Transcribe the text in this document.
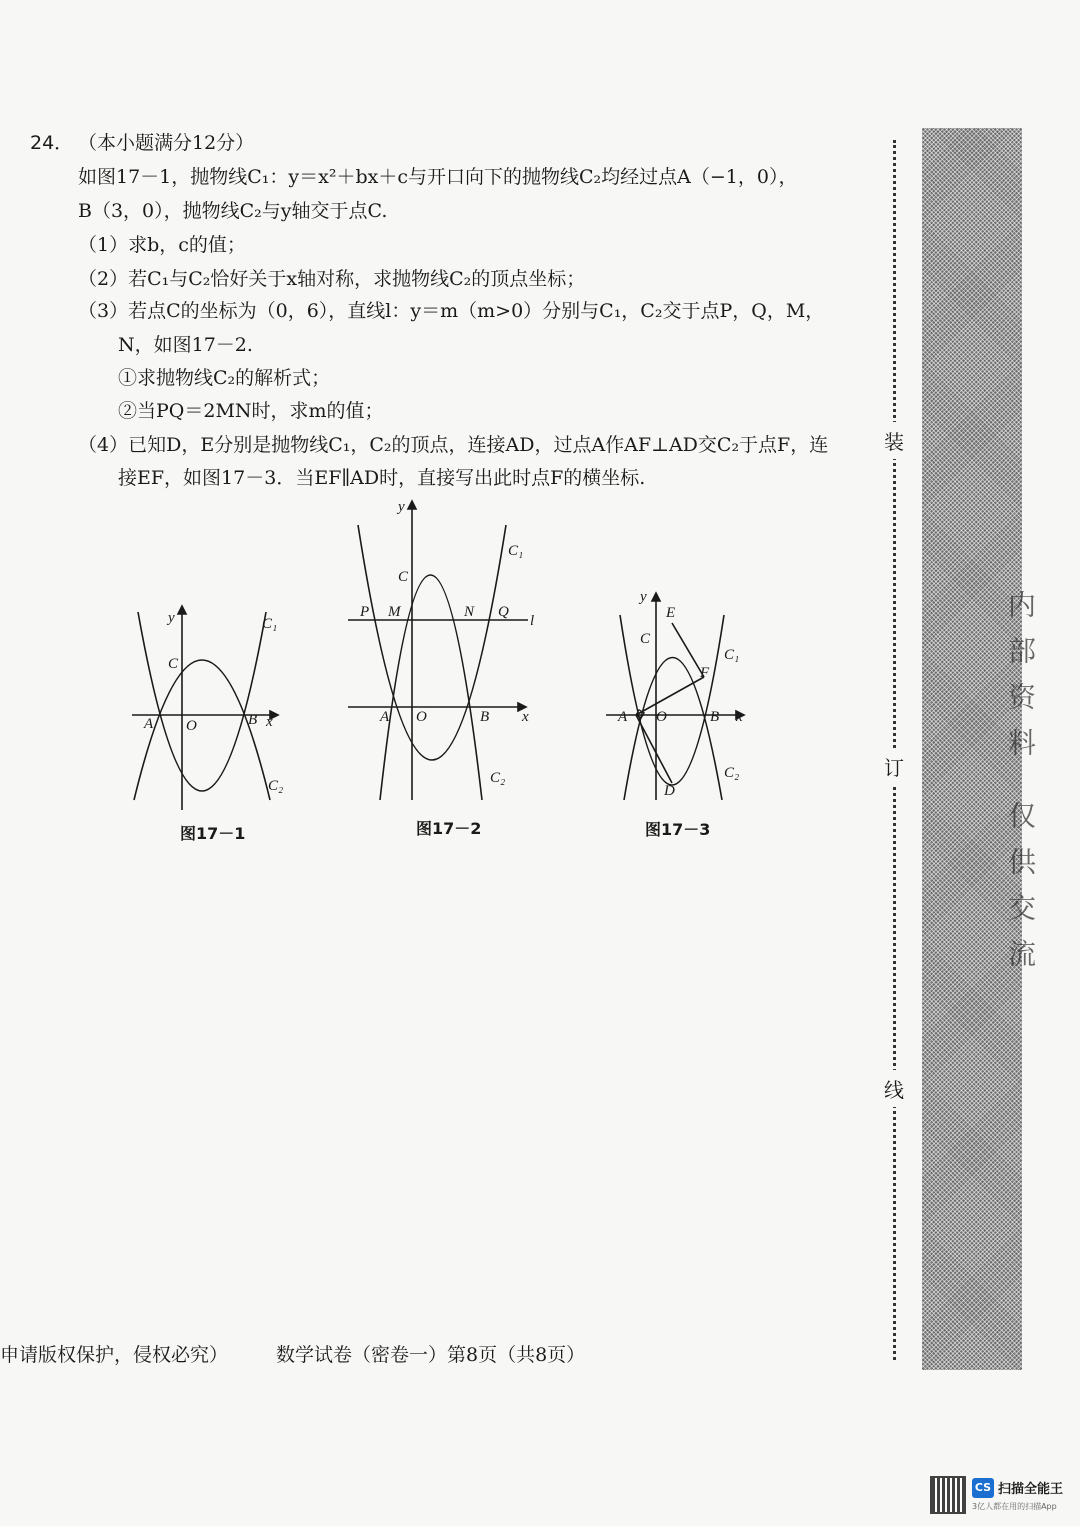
24． （本小题满分12分）
如图17－1，抛物线C₁：y＝x²＋bx＋c与开口向下的抛物线C₂均经过点A（−1，0），
B（3，0），抛物线C₂与y轴交于点C.
（1）求b，c的值；
（2）若C₁与C₂恰好关于x轴对称，求抛物线C₂的顶点坐标；
（3）若点C的坐标为（0，6），直线l：y＝m（m>0）分别与C₁，C₂交于点P，Q，M，
N，如图17－2.
①求抛物线C₂的解析式；
②当PQ＝2MN时，求m的值；
（4）已知D，E分别是抛物线C₁，C₂的顶点，连接AD，过点A作AF⊥AD交C₂于点F，连
接EF，如图17－3．当EF∥AD时，直接写出此时点F的横坐标.
y	C₁
C
A O	B x
C₂
图17－1
y
C₁
C
P M	N Q
l
A O	B x
C₂
图17－2
y
E
C
C₁
F
A O	B x
C₂
D
图17－3
申请版权保护，侵权必究）	数学试卷（密卷一）第8页（共8页）
装
订
线
内部资料 仅供交流
CS 扫描全能王
3亿人都在用的扫描App
